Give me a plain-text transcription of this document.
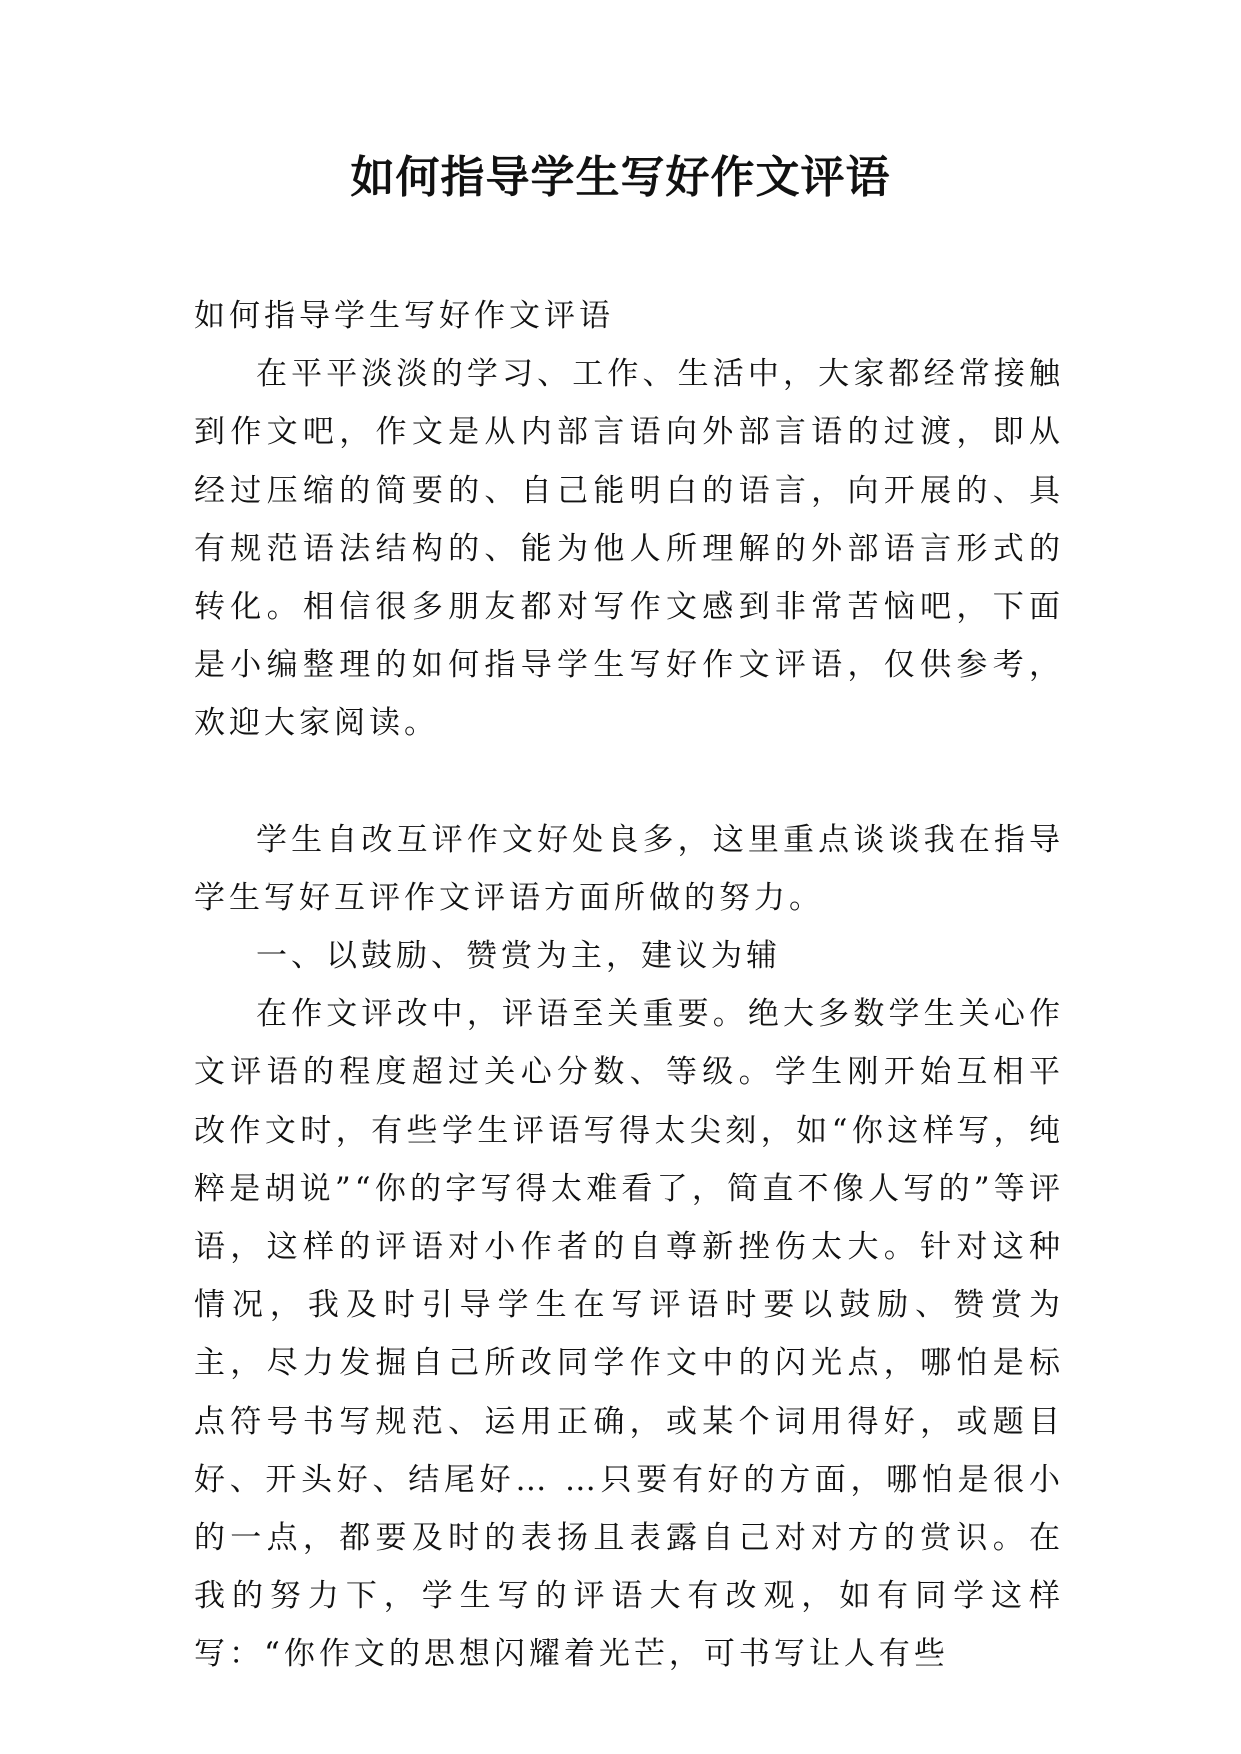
如何指导学生写好作文评语

如何指导学生写好作文评语

在平平淡淡的学习、工作、生活中，大家都经常接触到作文吧，作文是从内部言语向外部言语的过渡，即从经过压缩的简要的、自己能明白的语言，向开展的、具有规范语法结构的、能为他人所理解的外部语言形式的转化。相信很多朋友都对写作文感到非常苦恼吧，下面是小编整理的如何指导学生写好作文评语，仅供参考，欢迎大家阅读。

学生自改互评作文好处良多，这里重点谈谈我在指导学生写好互评作文评语方面所做的努力。

一、以鼓励、赞赏为主，建议为辅

在作文评改中，评语至关重要。绝大多数学生关心作文评语的程度超过关心分数、等级。学生刚开始互相平改作文时，有些学生评语写得太尖刻，如“你这样写，纯粹是胡说”“你的字写得太难看了，简直不像人写的”等评语，这样的评语对小作者的自尊新挫伤太大。针对这种情况，我及时引导学生在写评语时要以鼓励、赞赏为主，尽力发掘自己所改同学作文中的闪光点，哪怕是标点符号书写规范、运用正确，或某个词用得好，或题目好、开头好、结尾好… …只要有好的方面，哪怕是很小的一点，都要及时的表扬且表露自己对对方的赏识。在我的努力下，学生写的评语大有改观，如有同学这样写：“你作文的思想闪耀着光芒，可书写让人有些
